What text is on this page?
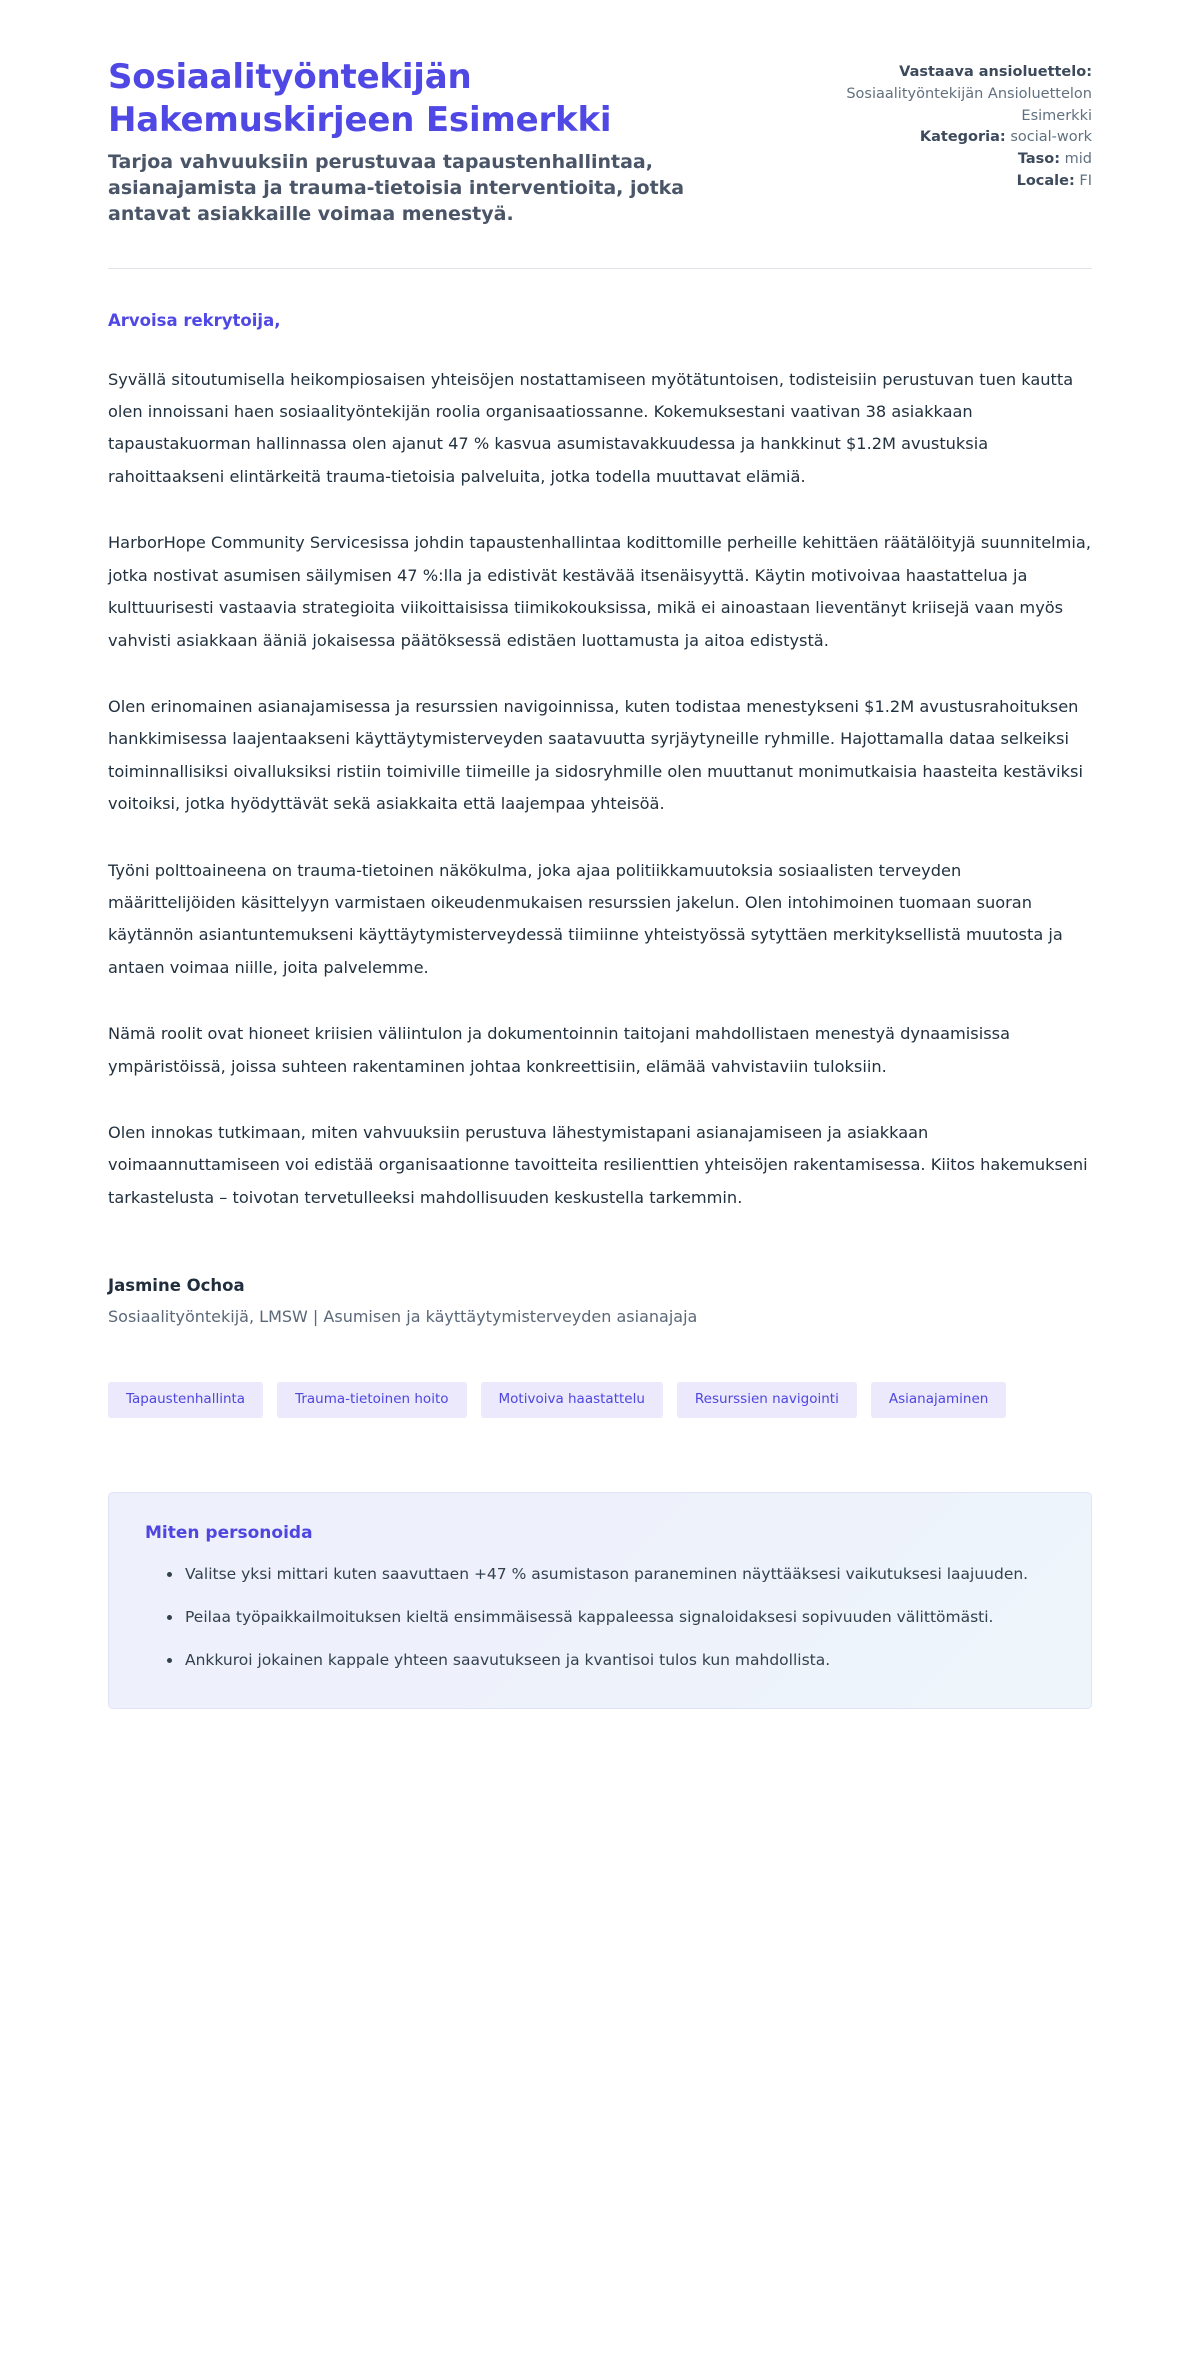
Sosiaalityöntekijän Hakemuskirjeen Esimerkki

Tarjoa vahvuuksiin perustuvaa tapaustenhallintaa, asianajamista ja trauma-tietoisia interventioita, jotka antavat asiakkaille voimaa menestyä.

Vastaava ansioluettelo:
Sosiaalityöntekijän Ansioluettelon Esimerkki
Kategoria: social-work
Taso: mid
Locale: FI

Arvoisa rekrytoija,

Syvällä sitoutumisella heikompiosaisen yhteisöjen nostattamiseen myötätuntoisen, todisteisiin perustuvan tuen kautta olen innoissani haen sosiaalityöntekijän roolia organisaatiossanne. Kokemuksestani vaativan 38 asiakkaan tapaustakuorman hallinnassa olen ajanut 47 % kasvua asumistavakkuudessa ja hankkinut $1.2M avustuksia rahoittaakseni elintärkeitä trauma-tietoisia palveluita, jotka todella muuttavat elämiä.

HarborHope Community Servicesissa johdin tapaustenhallintaa kodittomille perheille kehittäen räätälöityjä suunnitelmia, jotka nostivat asumisen säilymisen 47 %:lla ja edistivät kestävää itsenäisyyttä. Käytin motivoivaa haastattelua ja kulttuurisesti vastaavia strategioita viikoittaisissa tiimikokouksissa, mikä ei ainoastaan lieventänyt kriisejä vaan myös vahvisti asiakkaan ääniä jokaisessa päätöksessä edistäen luottamusta ja aitoa edistystä.

Olen erinomainen asianajamisessa ja resurssien navigoinnissa, kuten todistaa menestykseni $1.2M avustusrahoituksen hankkimisessa laajentaakseni käyttäytymisterveyden saatavuutta syrjäytyneille ryhmille. Hajottamalla dataa selkeiksi toiminnallisiksi oivalluksiksi ristiin toimiville tiimeille ja sidosryhmille olen muuttanut monimutkaisia haasteita kestäviksi voitoiksi, jotka hyödyttävät sekä asiakkaita että laajempaa yhteisöä.

Työni polttoaineena on trauma-tietoinen näkökulma, joka ajaa politiikkamuutoksia sosiaalisten terveyden määrittelijöiden käsittelyyn varmistaen oikeudenmukaisen resurssien jakelun. Olen intohimoinen tuomaan suoran käytännön asiantuntemukseni käyttäytymisterveydessä tiimiinne yhteistyössä sytyttäen merkityksellistä muutosta ja antaen voimaa niille, joita palvelemme.

Nämä roolit ovat hioneet kriisien väliintulon ja dokumentoinnin taitojani mahdollistaen menestyä dynaamisissa ympäristöissä, joissa suhteen rakentaminen johtaa konkreettisiin, elämää vahvistaviin tuloksiin.

Olen innokas tutkimaan, miten vahvuuksiin perustuva lähestymistapani asianajamiseen ja asiakkaan voimaannuttamiseen voi edistää organisaationne tavoitteita resilienttien yhteisöjen rakentamisessa. Kiitos hakemukseni tarkastelusta – toivotan tervetulleeksi mahdollisuuden keskustella tarkemmin.

Jasmine Ochoa

Sosiaalityöntekijä, LMSW | Asumisen ja käyttäytymisterveyden asianajaja

Tapaustenhallinta	Trauma-tietoinen hoito	Motivoiva haastattelu	Resurssien navigointi	Asianajaminen
Miten personoida
Valitse yksi mittari kuten saavuttaen +47 % asumistason paraneminen näyttääksesi vaikutuksesi laajuuden.
Peilaa työpaikkailmoituksen kieltä ensimmäisessä kappaleessa signaloidaksesi sopivuuden välittömästi.
Ankkuroi jokainen kappale yhteen saavutukseen ja kvantisoi tulos kun mahdollista.
